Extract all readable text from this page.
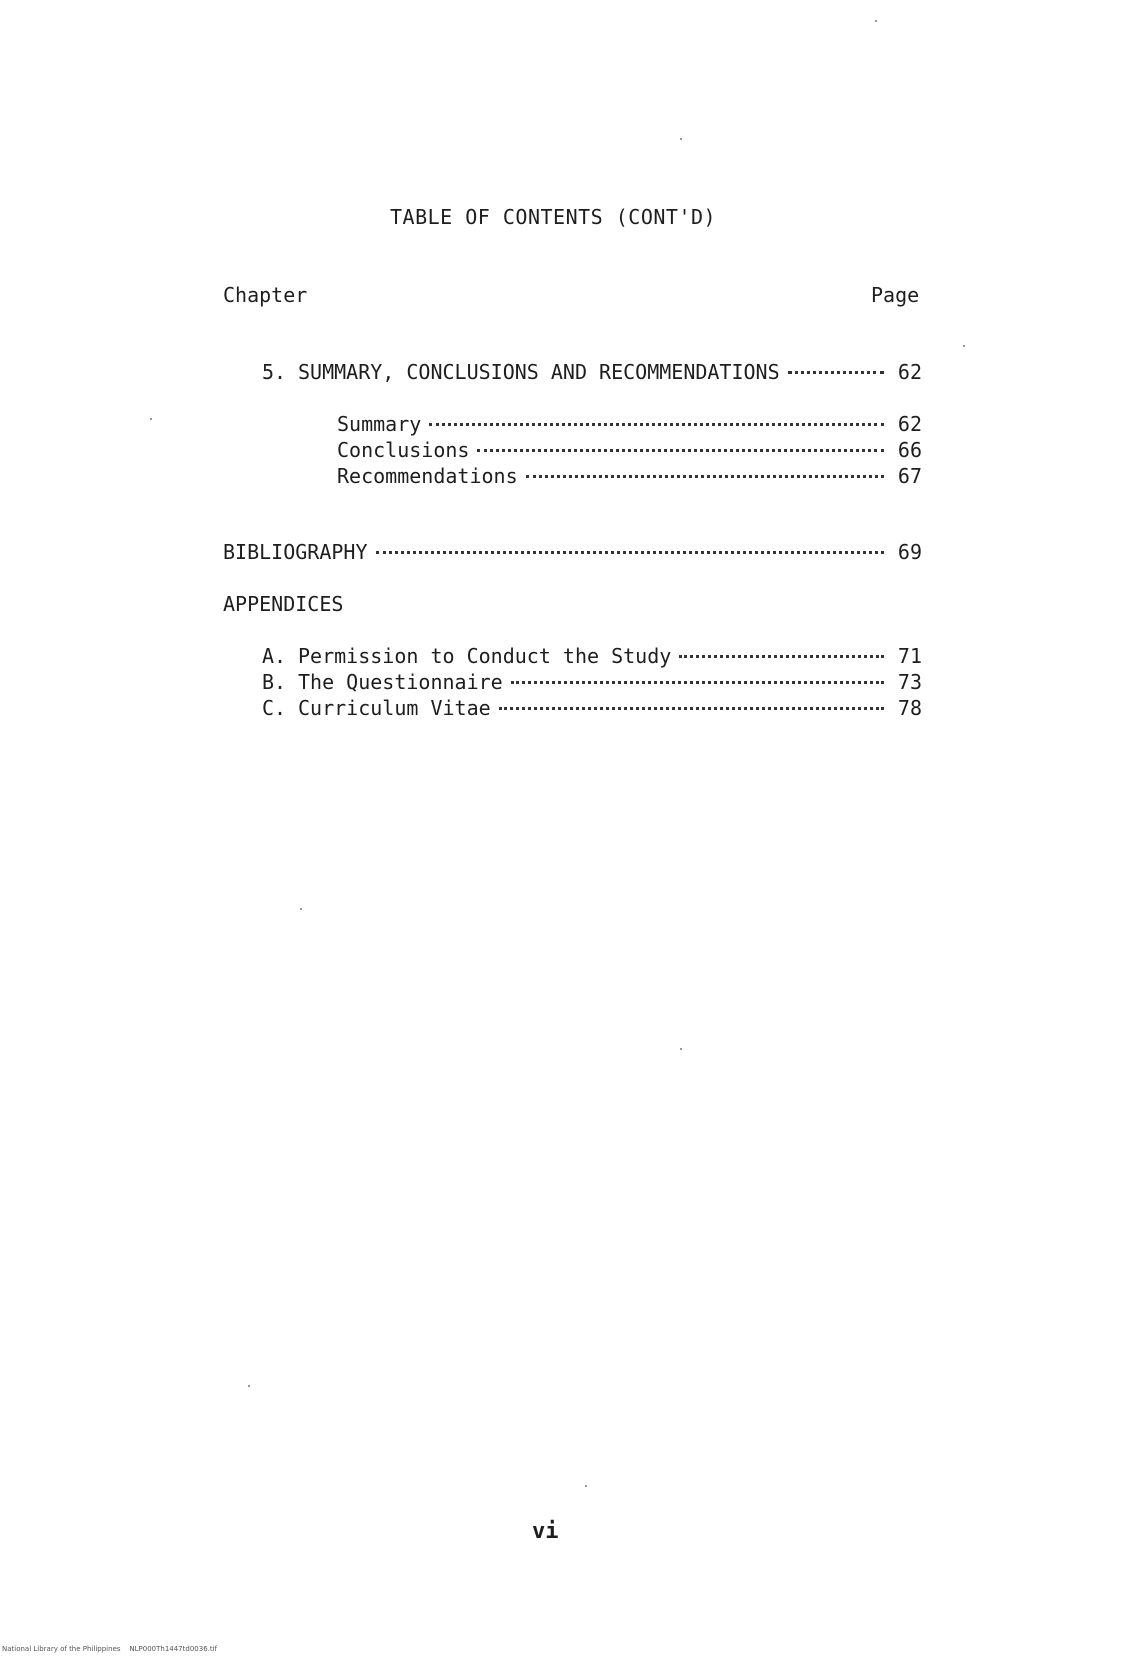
TABLE OF CONTENTS (CONT'D)
Chapter	Page
5. SUMMARY, CONCLUSIONS AND RECOMMENDATIONS	62
Summary	62
Conclusions	66
Recommendations	67
BIBLIOGRAPHY	69
APPENDICES
A. Permission to Conduct the Study	71
B. The Questionnaire	73
C. Curriculum Vitae	78
vi
National Library of the Philippines    NLP000Th1447td0036.tif
